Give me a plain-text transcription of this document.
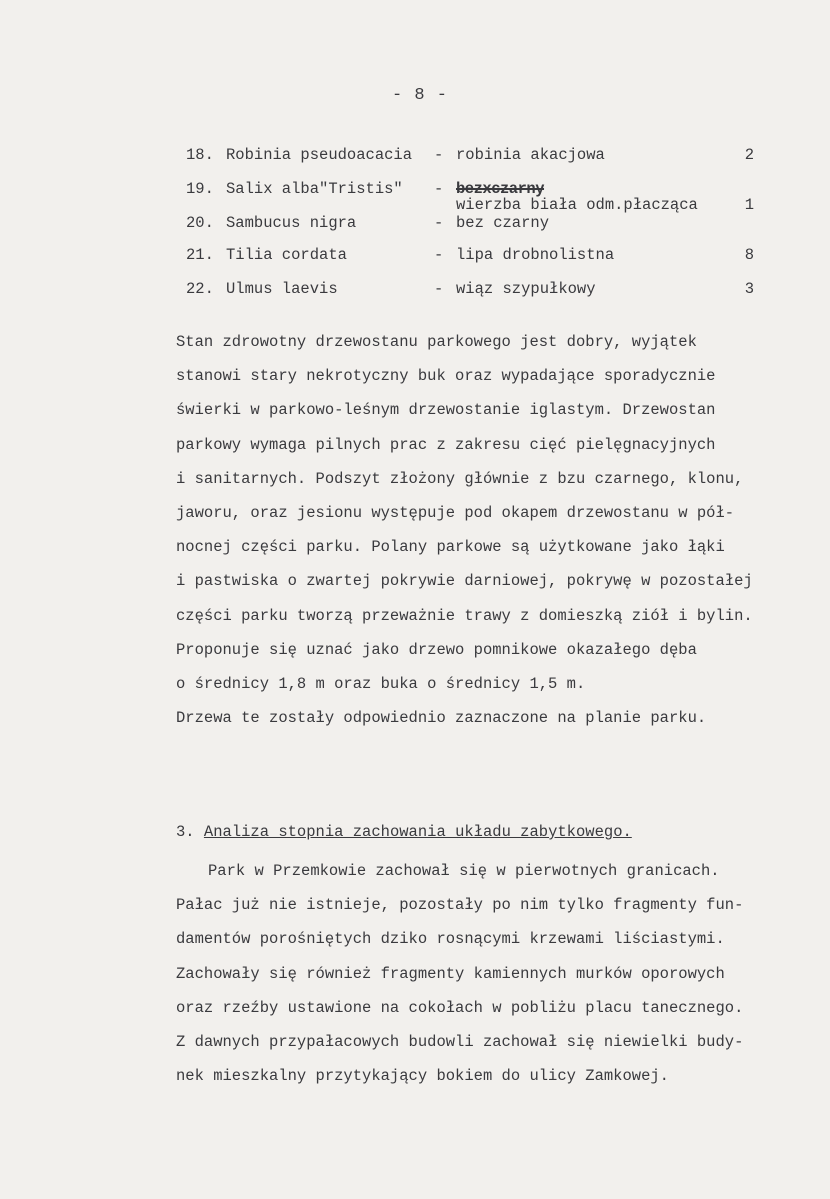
- 8 -
18. Robinia pseudoacacia	- robinia akacjowa	2
19. Salix alba"Tristis"	- bezxczarny
wierzba biała odm.płacząca	1
20. Sambucus nigra	- bez czarny
21. Tilia cordata	- lipa drobnolistna	8
22. Ulmus laevis	- wiąz szypułkowy	3
Stan zdrowotny drzewostanu parkowego jest dobry, wyjątek
stanowi stary nekrotyczny buk oraz wypadające sporadycznie
świerki w parkowo-leśnym drzewostanie iglastym. Drzewostan
parkowy wymaga pilnych prac z zakresu cięć pielęgnacyjnych
i sanitarnych. Podszyt złożony głównie z bzu czarnego, klonu,
jaworu, oraz jesionu występuje pod okapem drzewostanu w pół-
nocnej części parku. Polany parkowe są użytkowane jako łąki
i pastwiska o zwartej pokrywie darniowej, pokrywę w pozostałej
części parku tworzą przeważnie trawy z domieszką ziół i bylin.
Proponuje się uznać jako drzewo pomnikowe okazałego dęba
o średnicy 1,8 m oraz buka o średnicy 1,5 m.
Drzewa te zostały odpowiednio zaznaczone na planie parku.
3. Analiza stopnia zachowania układu zabytkowego.
Park w Przemkowie zachował się w pierwotnych granicach.
Pałac już nie istnieje, pozostały po nim tylko fragmenty fun-
damentów porośniętych dziko rosnącymi krzewami liściastymi.
Zachowały się również fragmenty kamiennych murków oporowych
oraz rzeźby ustawione na cokołach w pobliżu placu tanecznego.
Z dawnych przypałacowych budowli zachował się niewielki budy-
nek mieszkalny przytykający bokiem do ulicy Zamkowej.
